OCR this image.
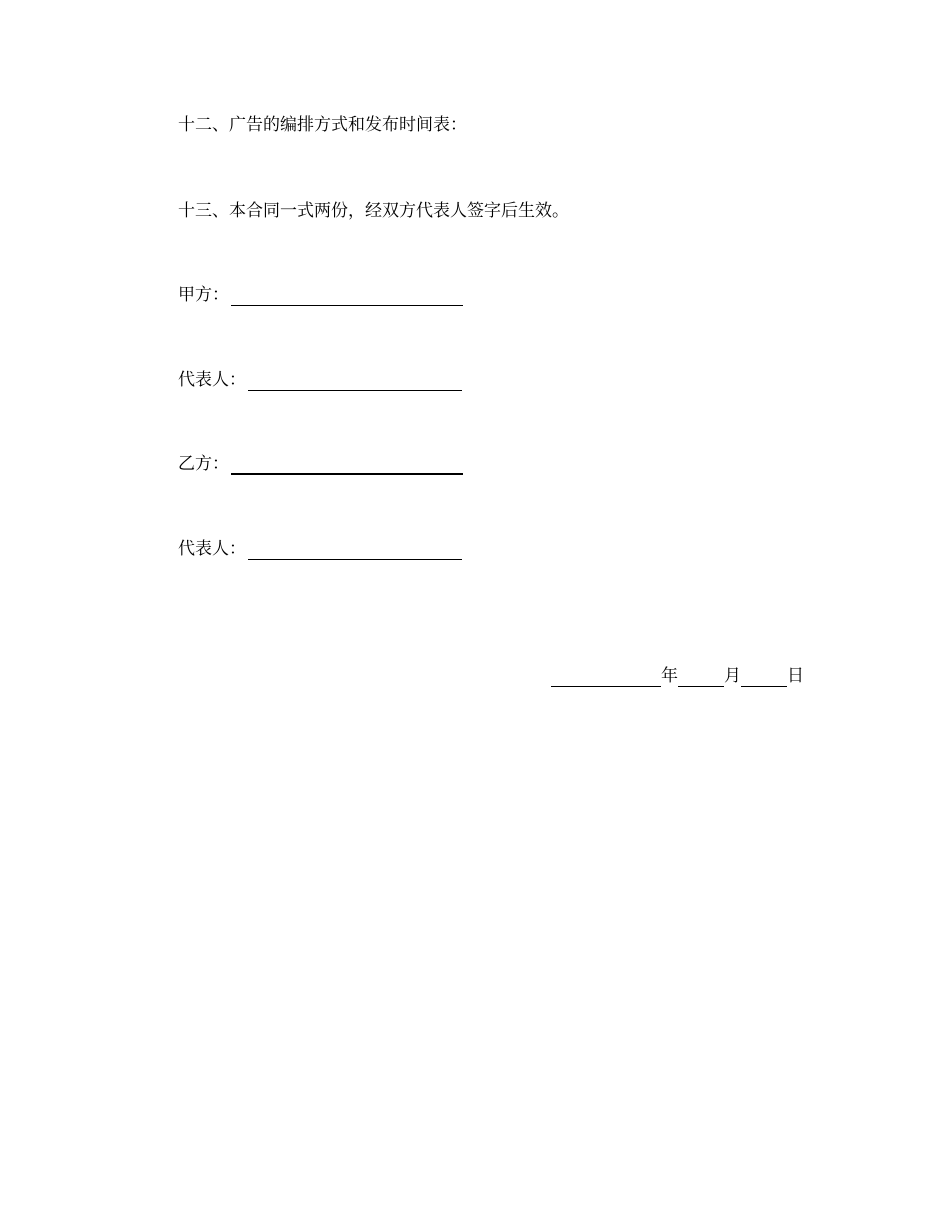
十二、广告的编排方式和发布时间表：
十三、本合同一式两份，经双方代表人签字后生效。
甲方：
代表人：
乙方：
代表人：
年	月	日
